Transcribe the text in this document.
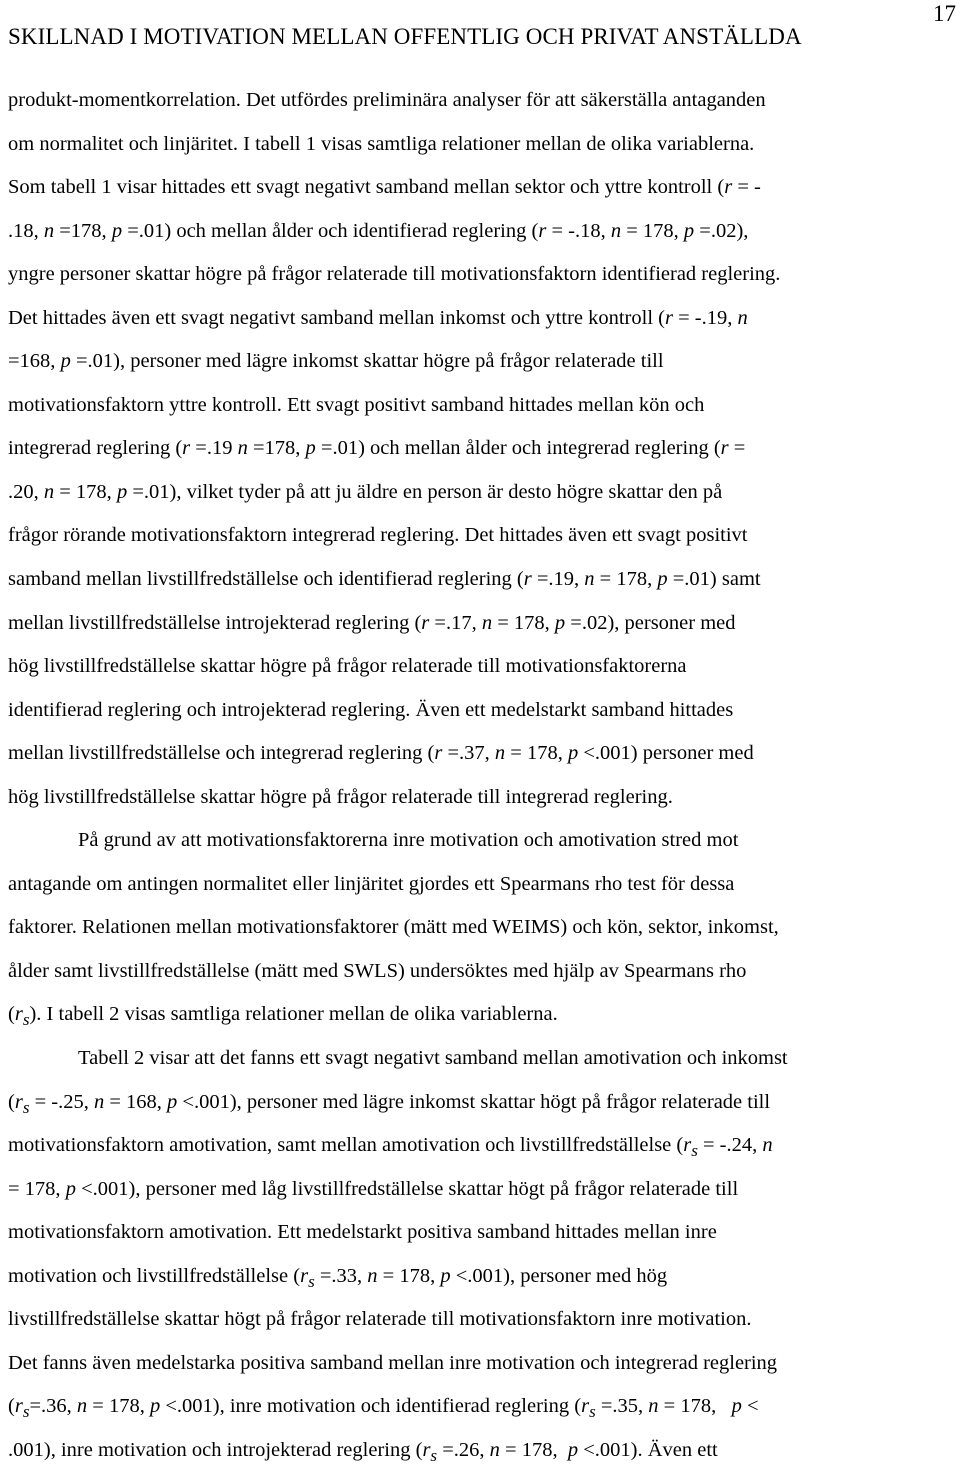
SKILLNAD I MOTIVATION MELLAN OFFENTLIG OCH PRIVAT ANSTÄLLDA
17
produkt-momentkorrelation. Det utfördes preliminära analyser för att säkerställa antaganden
om normalitet och linjäritet. I tabell 1 visas samtliga relationer mellan de olika variablerna.
Som tabell 1 visar hittades ett svagt negativt samband mellan sektor och yttre kontroll (r = -
.18, n =178, p =.01) och mellan ålder och identifierad reglering (r = -.18, n = 178, p =.02),
yngre personer skattar högre på frågor relaterade till motivationsfaktorn identifierad reglering.
Det hittades även ett svagt negativt samband mellan inkomst och yttre kontroll (r = -.19, n
=168, p =.01), personer med lägre inkomst skattar högre på frågor relaterade till
motivationsfaktorn yttre kontroll. Ett svagt positivt samband hittades mellan kön och
integrerad reglering (r =.19 n =178, p =.01) och mellan ålder och integrerad reglering (r =
.20, n = 178, p =.01), vilket tyder på att ju äldre en person är desto högre skattar den på
frågor rörande motivationsfaktorn integrerad reglering. Det hittades även ett svagt positivt
samband mellan livstillfredställelse och identifierad reglering (r =.19, n = 178, p =.01) samt
mellan livstillfredställelse introjekterad reglering (r =.17, n = 178, p =.02), personer med
hög livstillfredställelse skattar högre på frågor relaterade till motivationsfaktorerna
identifierad reglering och introjekterad reglering. Även ett medelstarkt samband hittades
mellan livstillfredställelse och integrerad reglering (r =.37, n = 178, p <.001) personer med
hög livstillfredställelse skattar högre på frågor relaterade till integrerad reglering.
På grund av att motivationsfaktorerna inre motivation och amotivation stred mot
antagande om antingen normalitet eller linjäritet gjordes ett Spearmans rho test för dessa
faktorer. Relationen mellan motivationsfaktorer (mätt med WEIMS) och kön, sektor, inkomst,
ålder samt livstillfredställelse (mätt med SWLS) undersöktes med hjälp av Spearmans rho
$(r_s)$. I tabell 2 visas samtliga relationer mellan de olika variablerna.
Tabell 2 visar att det fanns ett svagt negativt samband mellan amotivation och inkomst
($r_s = -.25$, n = 168, p <.001), personer med lägre inkomst skattar högt på frågor relaterade till
motivationsfaktorn amotivation, samt mellan amotivation och livstillfredställelse ($r_s = -.24$, n
= 178, p <.001), personer med låg livstillfredställelse skattar högt på frågor relaterade till
motivationsfaktorn amotivation. Ett medelstarkt positiva samband hittades mellan inre
motivation och livstillfredställelse ($r_s =.33$, n = 178, p <.001), personer med hög
livstillfredställelse skattar högt på frågor relaterade till motivationsfaktorn inre motivation.
Det fanns även medelstarka positiva samband mellan inre motivation och integrerad reglering
($r_s=.36$, n = 178, p <.001), inre motivation och identifierad reglering ($r_s =.35$, n = 178,   p <
.001), inre motivation och introjekterad reglering ($r_s =.26$, n = 178,  p <.001). Även ett
